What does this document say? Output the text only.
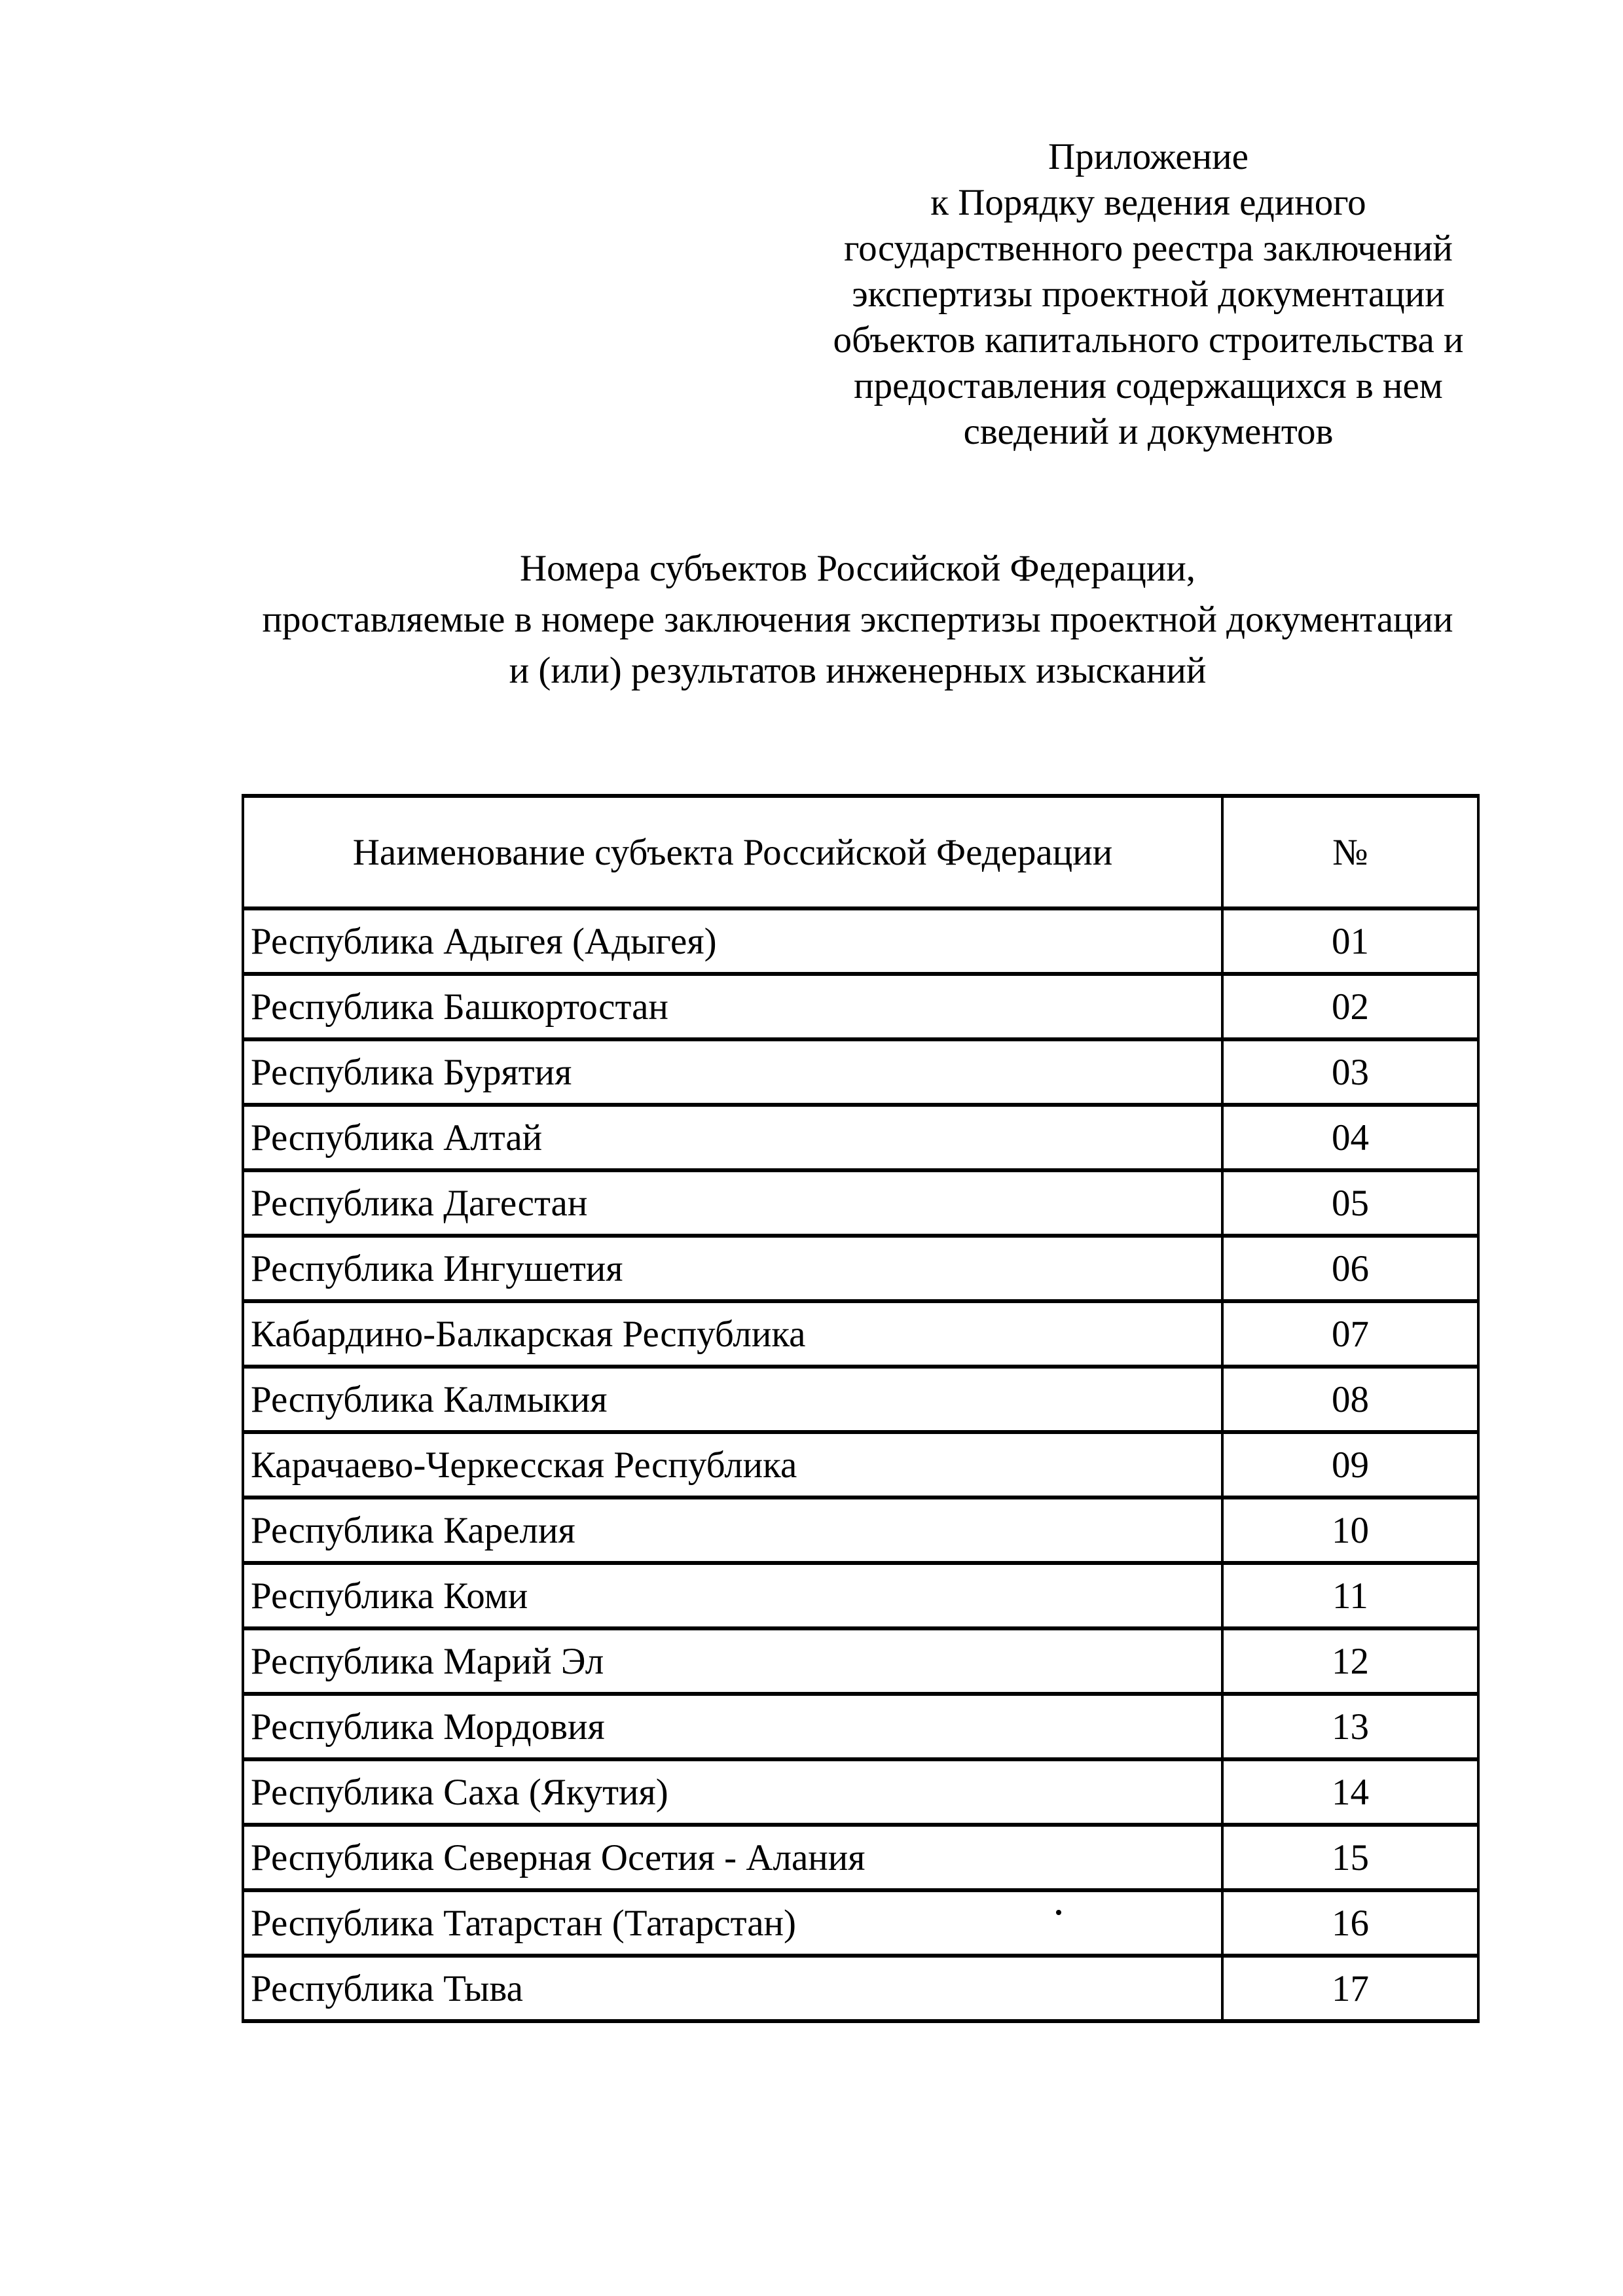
Приложение
к Порядку ведения единого
государственного реестра заключений
экспертизы проектной документации
объектов капитального строительства и
предоставления содержащихся в нем
сведений и документов
Номера субъектов Российской Федерации,
проставляемые в номере заключения экспертизы проектной документации
и (или) результатов инженерных изысканий
Наименование субъекта Российской Федерации	№
Республика Адыгея (Адыгея)	01
Республика Башкортостан	02
Республика Бурятия	03
Республика Алтай	04
Республика Дагестан	05
Республика Ингушетия	06
Кабардино-Балкарская Республика	07
Республика Калмыкия	08
Карачаево-Черкесская Республика	09
Республика Карелия	10
Республика Коми	11
Республика Марий Эл	12
Республика Мордовия	13
Республика Саха (Якутия)	14
Республика Северная Осетия - Алания	15
Республика Татарстан (Татарстан)	16
Республика Тыва	17
